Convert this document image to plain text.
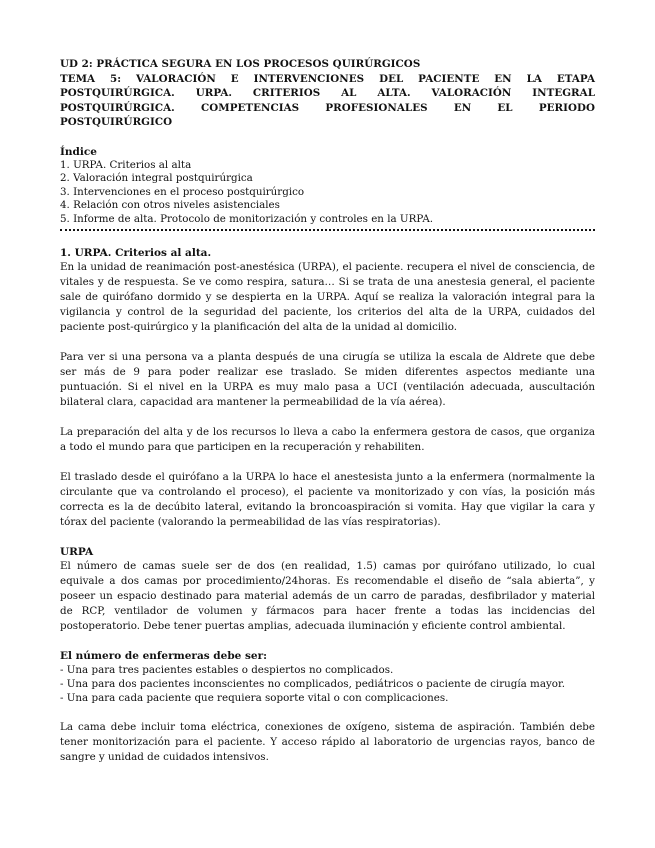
UD 2: PRÁCTICA SEGURA EN LOS PROCESOS QUIRÚRGICOS

TEMA 5: VALORACIÓN E INTERVENCIONES DEL PACIENTE EN LA ETAPA POSTQUIRÚRGICA. URPA. CRITERIOS AL ALTA. VALORACIÓN INTEGRAL POSTQUIRÚRGICA. COMPETENCIAS PROFESIONALES EN EL PERIODO POSTQUIRÚRGICO

Índice

1. URPA. Criterios al alta
2. Valoración integral postquirúrgica
3. Intervenciones en el proceso postquirúrgico
4. Relación con otros niveles asistenciales
5. Informe de alta. Protocolo de monitorización y controles en la URPA.

1. URPA. Criterios al alta.

En la unidad de reanimación post-anestésica (URPA), el paciente. recupera el nivel de consciencia, de vitales y de respuesta. Se ve como respira, satura… Si se trata de una anestesia general, el paciente sale de quirófano dormido y se despierta en la URPA. Aquí se realiza la valoración integral para la vigilancia y control de la seguridad del paciente, los criterios del alta de la URPA, cuidados del paciente post-quirúrgico y la planificación del alta de la unidad al domicilio.

Para ver si una persona va a planta después de una cirugía se utiliza la escala de Aldrete que debe ser más de 9 para poder realizar ese traslado. Se miden diferentes aspectos mediante una puntuación. Si el nivel en la URPA es muy malo pasa a UCI (ventilación adecuada, auscultación bilateral clara, capacidad ara mantener la permeabilidad de la vía aérea).

La preparación del alta y de los recursos lo lleva a cabo la enfermera gestora de casos, que organiza a todo el mundo para que participen en la recuperación y rehabiliten.

El traslado desde el quirófano a la URPA lo hace el anestesista junto a la enfermera (normalmente la circulante que va controlando el proceso), el paciente va monitorizado y con vías, la posición más correcta es la de decúbito lateral, evitando la broncoaspiración si vomita. Hay que vigilar la cara y tórax del paciente (valorando la permeabilidad de las vías respiratorias).

URPA

El número de camas suele ser de dos (en realidad, 1.5) camas por quirófano utilizado, lo cual equivale a dos camas por procedimiento/24horas. Es recomendable el diseño de “sala abierta”, y poseer un espacio destinado para material además de un carro de paradas, desfibrilador y material de RCP, ventilador de volumen y fármacos para hacer frente a todas las incidencias del postoperatorio. Debe tener puertas amplias, adecuada iluminación y eficiente control ambiental.

El número de enfermeras debe ser:

- Una para tres pacientes estables o despiertos no complicados.
- Una para dos pacientes inconscientes no complicados, pediátricos o paciente de cirugía mayor.
- Una para cada paciente que requiera soporte vital o con complicaciones.

La cama debe incluir toma eléctrica, conexiones de oxígeno, sistema de aspiración. También debe tener monitorización para el paciente. Y acceso rápido al laboratorio de urgencias rayos, banco de sangre y unidad de cuidados intensivos.
